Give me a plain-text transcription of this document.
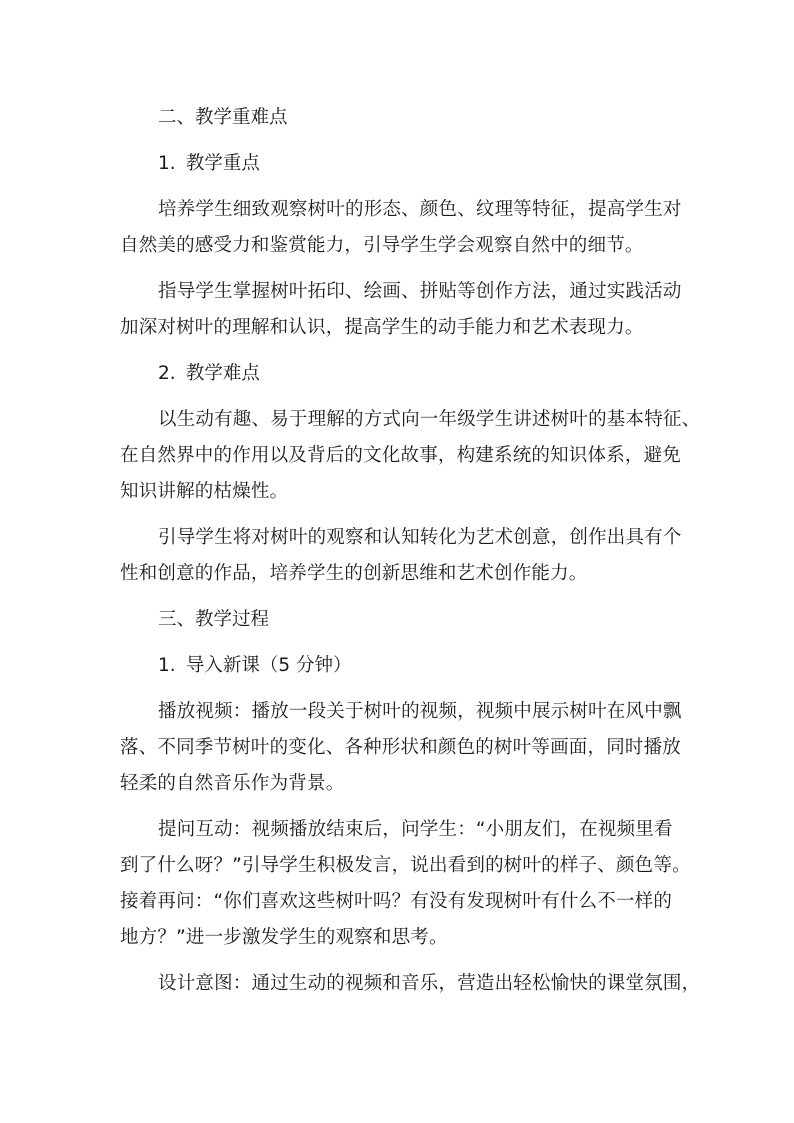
二、教学重难点
1. 教学重点
培养学生细致观察树叶的形态、颜色、纹理等特征，提高学生对
自然美的感受力和鉴赏能力，引导学生学会观察自然中的细节。
指导学生掌握树叶拓印、绘画、拼贴等创作方法，通过实践活动
加深对树叶的理解和认识，提高学生的动手能力和艺术表现力。
2. 教学难点
以生动有趣、易于理解的方式向一年级学生讲述树叶的基本特征、
在自然界中的作用以及背后的文化故事，构建系统的知识体系，避免
知识讲解的枯燥性。
引导学生将对树叶的观察和认知转化为艺术创意，创作出具有个
性和创意的作品，培养学生的创新思维和艺术创作能力。
三、教学过程
1. 导入新课（5 分钟）
播放视频：播放一段关于树叶的视频，视频中展示树叶在风中飘
落、不同季节树叶的变化、各种形状和颜色的树叶等画面，同时播放
轻柔的自然音乐作为背景。
提问互动：视频播放结束后，问学生：“小朋友们，在视频里看
到了什么呀？”引导学生积极发言，说出看到的树叶的样子、颜色等。
接着再问：“你们喜欢这些树叶吗？有没有发现树叶有什么不一样的
地方？”进一步激发学生的观察和思考。
设计意图：通过生动的视频和音乐，营造出轻松愉快的课堂氛围，
